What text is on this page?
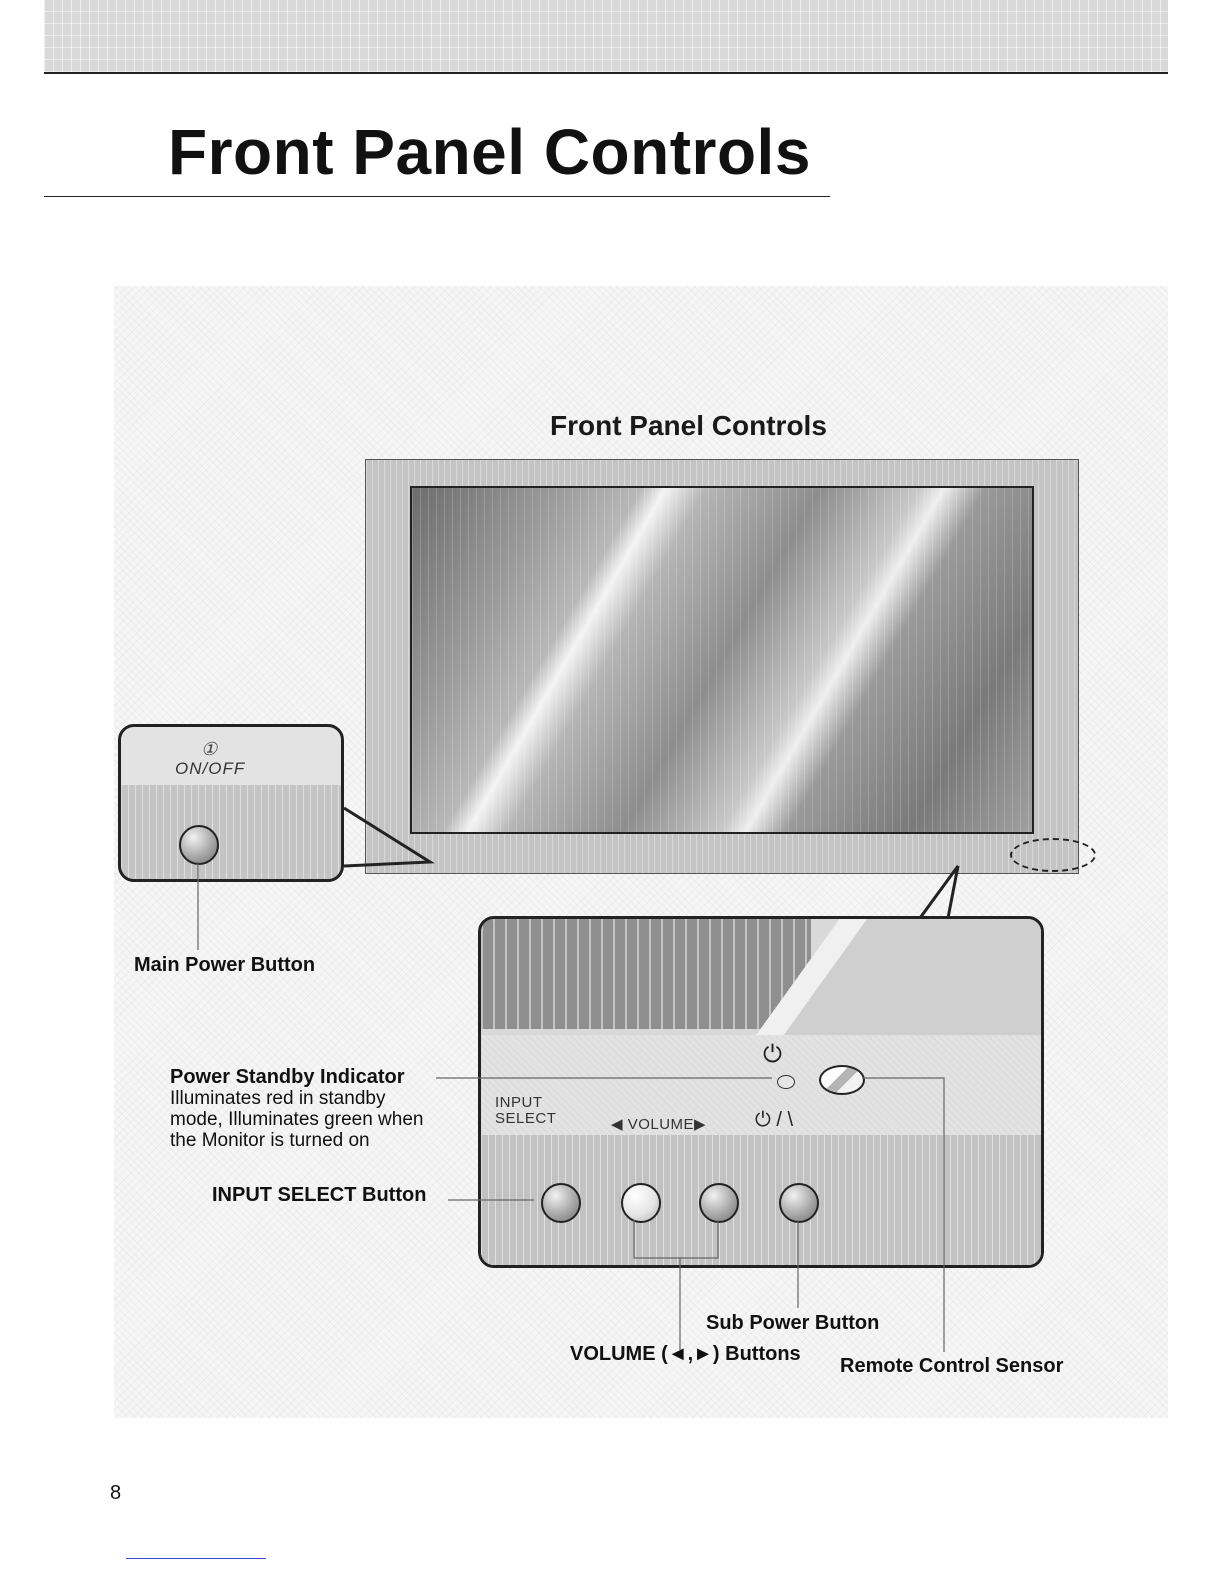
Front Panel Controls
Front Panel Controls
①
ON/OFF
⏻
INPUT
SELECT	◀ VOLUME▶ ⏻ / \
Main Power Button
Power Standby Indicator
Illuminates red in standby mode, Illuminates green when the Monitor is turned on
INPUT SELECT Button
Sub Power Button
VOLUME (◄,►) Buttons
Remote Control Sensor
8
